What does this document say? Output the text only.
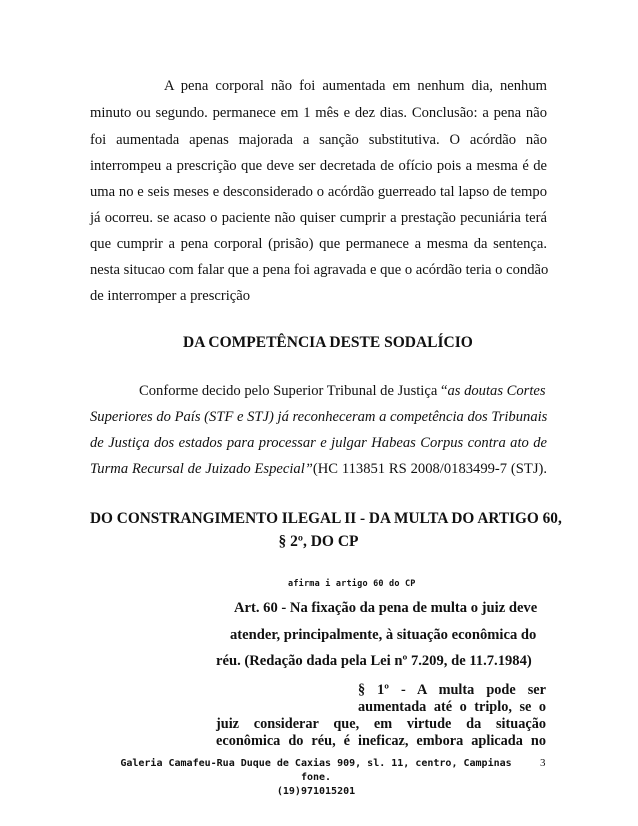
A pena corporal não foi aumentada em nenhum dia, nenhum
minuto ou segundo. permanece em 1 mês e dez dias. Conclusão: a pena não
foi aumentada apenas majorada a sanção substitutiva. O acórdão não
interrompeu a prescrição que deve ser decretada de ofício pois a mesma é de
uma no e seis meses e desconsiderado o acórdão guerreado tal lapso de tempo
já ocorreu. se acaso o paciente não quiser cumprir a prestação pecuniária terá
que cumprir a pena corporal (prisão) que permanece a mesma da sentença.
nesta situcao com falar que a pena foi agravada e que o acórdão teria o condão
de interromper a prescrição
DA COMPETÊNCIA DESTE SODALÍCIO
Conforme decido pelo Superior Tribunal de Justiça “as doutas Cortes
Superiores do País (STF e STJ) já reconheceram a competência dos Tribunais
de Justiça dos estados para processar e julgar Habeas Corpus contra ato de
Turma Recursal de Juizado Especial”(HC 113851 RS 2008/0183499-7 (STJ).
DO CONSTRANGIMENTO ILEGAL II - DA MULTA DO ARTIGO 60,
§ 2º, DO CP
afirma i artigo 60 do CP
Art. 60 - Na fixação da pena de multa o juiz deve
atender, principalmente, à situação econômica do
réu. (Redação dada pela Lei nº 7.209, de 11.7.1984)
§ 1º - A multa pode ser
aumentada até o triplo, se o
juiz considerar que, em virtude da situação
econômica do réu, é ineficaz, embora aplicada no
Galeria Camafeu-Rua Duque de Caxias 909, sl. 11, centro, Campinas fone.
(19)971015201
3
